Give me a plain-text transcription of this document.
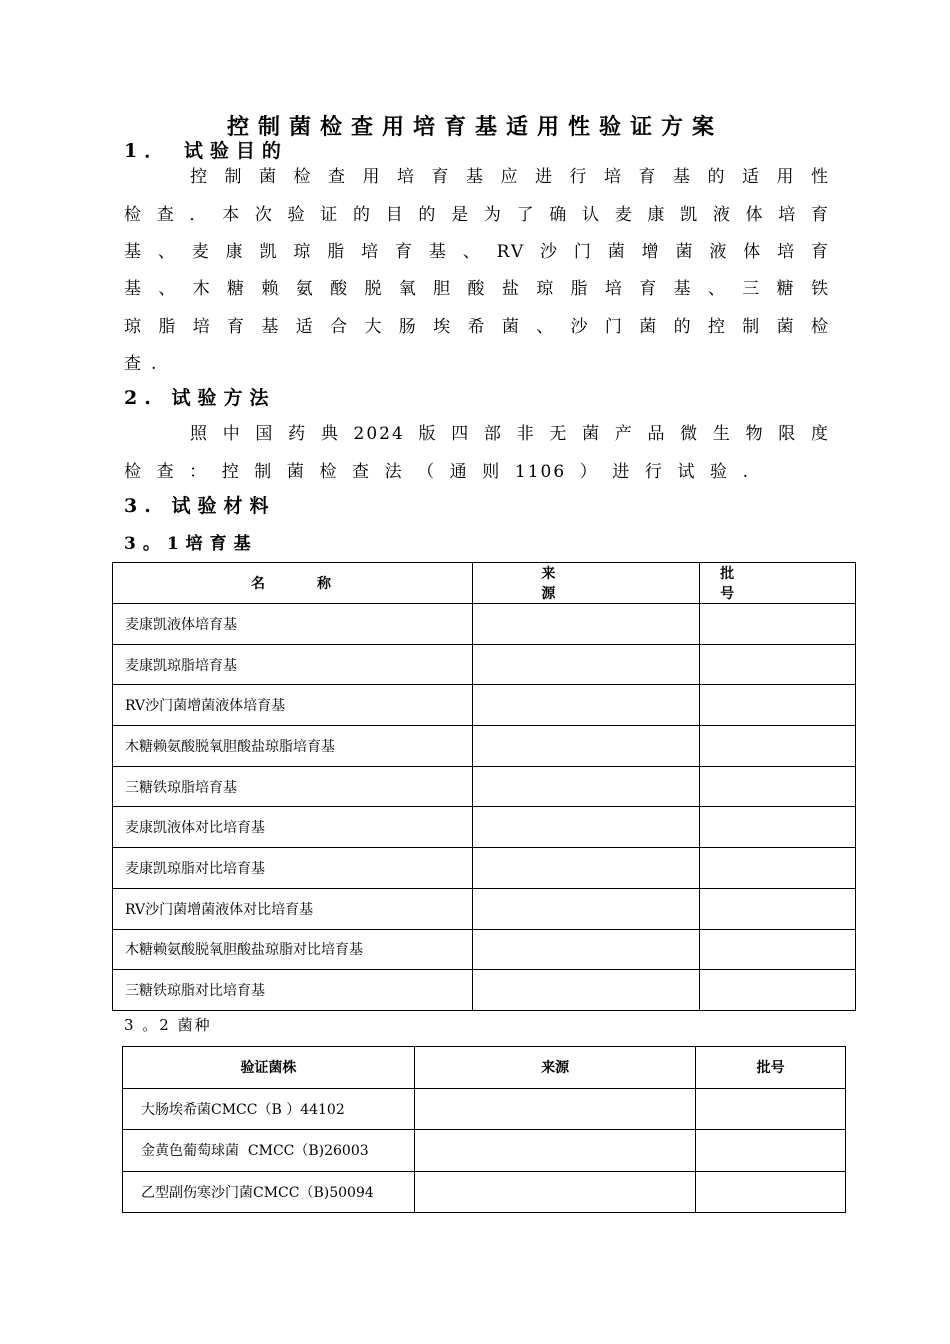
控制菌检查用培育基适用性验证方案
1． 试验目的
控制菌检查用培育基应进行培育基的适用性
检查．本次验证的目的是为了确认麦康凯液体培育
基、麦康凯琼脂培育基、RV沙门菌增菌液体培育
基、木糖赖氨酸脱氧胆酸盐琼脂培育基、三糖铁
琼脂培育基适合大肠埃希菌、沙门菌的控制菌检
查.
2. 试验方法
照中国药典2024版四部非无菌产品微生物限度
检查：控制菌检查法（通则1106）进行试验.
3. 试验材料
3。1培育基
名称	来源	批号
麦康凯液体培育基		
麦康凯琼脂培育基		
RV沙门菌增菌液体培育基		
木糖赖氨酸脱氧胆酸盐琼脂培育基		
三糖铁琼脂培育基		
麦康凯液体对比培育基		
麦康凯琼脂对比培育基		
RV沙门菌增菌液体对比培育基		
木糖赖氨酸脱氧胆酸盐琼脂对比培育基		
三糖铁琼脂对比培育基		
3 。2 菌种
验证菌株	来源	批号
大肠埃希菌CMCC（B ）44102		
金黄色葡萄球菌  CMCC（B)26003		
乙型副伤寒沙门菌CMCC（B)50094		
